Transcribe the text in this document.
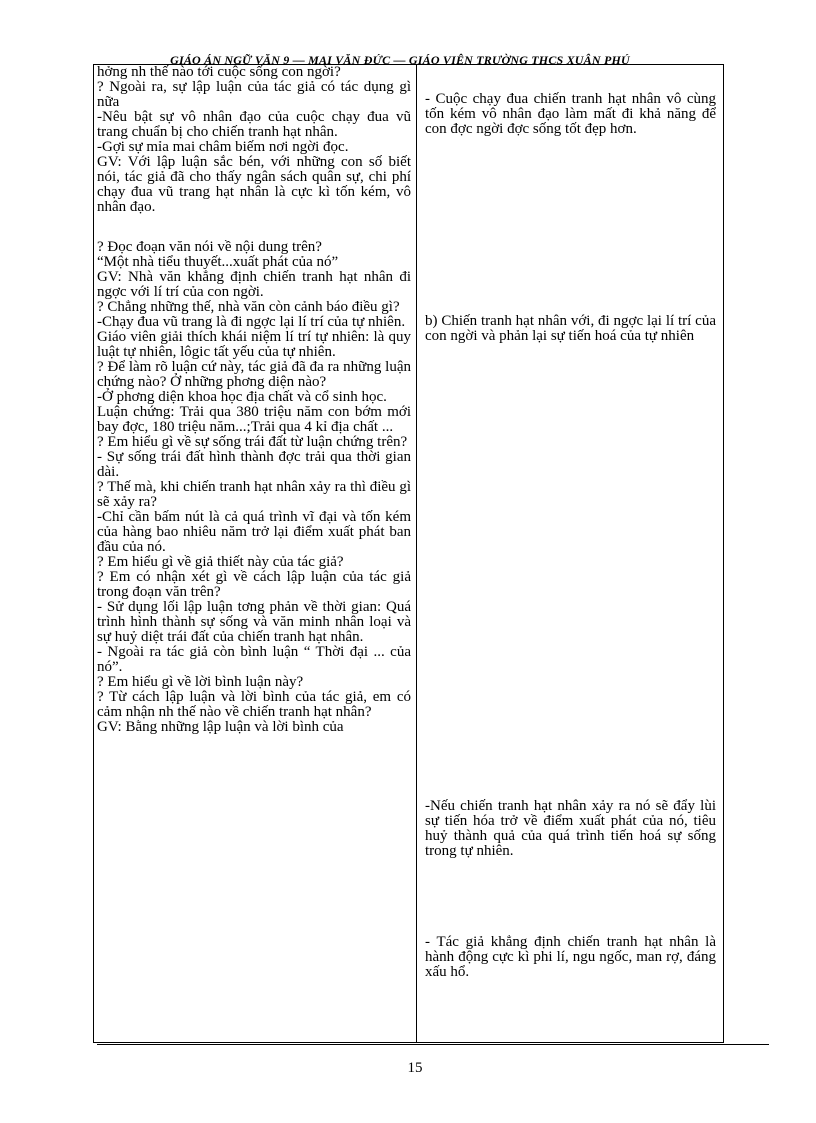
GIÁO ÁN NGỮ VĂN 9 — MAI VĂN ĐỨC — GIÁO VIÊN TRƯỜNG THCS XUÂN PHÚ

hởng nh thế nào tới cuộc sống con ngời?

? Ngoài ra, sự lập luận của tác giả có tác dụng gì nữa

-Nêu bật sự vô nhân đạo của cuộc chạy đua vũ trang chuẩn bị cho chiến tranh hạt nhân.

-Gợi sự mỉa mai châm biếm nơi ngời đọc.

GV: Với lập luận sắc bén, với những con số biết nói, tác giả đã cho thấy ngân sách quân sự, chi phí chạy đua vũ trang hạt nhân là cực kì tốn kém, vô nhân đạo.

? Đọc đoạn văn nói về nội dung trên?

“Một nhà tiểu thuyết...xuất phát của nó”

GV: Nhà văn khẳng định chiến tranh hạt nhân đi ngợc với lí trí của con ngời.

? Chẳng những thế, nhà văn còn cảnh báo điều gì?

-Chạy đua vũ trang là đi ngợc lại lí trí của tự nhiên.

Giáo viên giải thích khái niệm lí trí tự nhiên: là quy luật tự nhiên, lôgic tất yếu của tự nhiên.

? Để làm rõ luận cứ này, tác giả đã đa ra những luận chứng nào? Ở những phơng diện nào?

-Ở phơng diện khoa học địa chất và cổ sinh học.

Luận chứng: Trải qua 380 triệu năm con bớm mới bay đợc, 180 triệu năm...;Trải qua 4 kỉ địa chất ...

? Em hiểu gì về sự sống trái đất từ luận chứng trên?

- Sự sống trái đất hình thành đợc trải qua thời gian dài.

? Thế mà, khi chiến tranh hạt nhân xảy ra thì điều gì sẽ xảy ra?

-Chỉ cần bấm nút là cả quá trình vĩ đại và tốn kém của hàng bao nhiêu năm trở lại điểm xuất phát ban đầu của nó.

? Em hiểu gì về giả thiết này của tác giả?

? Em có nhận xét gì về cách lập luận của tác giả trong đoạn văn trên?

- Sử dụng lối lập luận tơng phản về thời gian: Quá trình hình thành sự sống và văn minh nhân loại và sự huỷ diệt trái đất của chiến tranh hạt nhân.

- Ngoài ra tác giả còn bình luận “ Thời đại ... của nó”.

? Em hiểu gì về lời bình luận này?

? Từ cách lập luận và lời bình của tác giả, em có cảm nhận nh thế nào về chiến tranh hạt nhân?

GV: Bằng những lập luận và lời bình của

- Cuộc chạy đua chiến tranh hạt nhân vô cùng tốn kém vô nhân đạo làm mất đi khả năng để con đợc ngời đợc sống tốt đẹp hơn.

b) Chiến tranh hạt nhân với, đi ngợc lại lí trí của con ngời và phản lại sự tiến hoá của tự nhiên

-Nếu chiến tranh hạt nhân xảy ra nó sẽ đẩy lùi sự tiến hóa trở về điểm xuất phát của nó, tiêu huỷ thành quả của quá trình tiến hoá sự sống trong tự nhiên.

- Tác giả khẳng định chiến tranh hạt nhân là hành động cực kì phi lí, ngu ngốc, man rợ, đáng xấu hổ.

15
